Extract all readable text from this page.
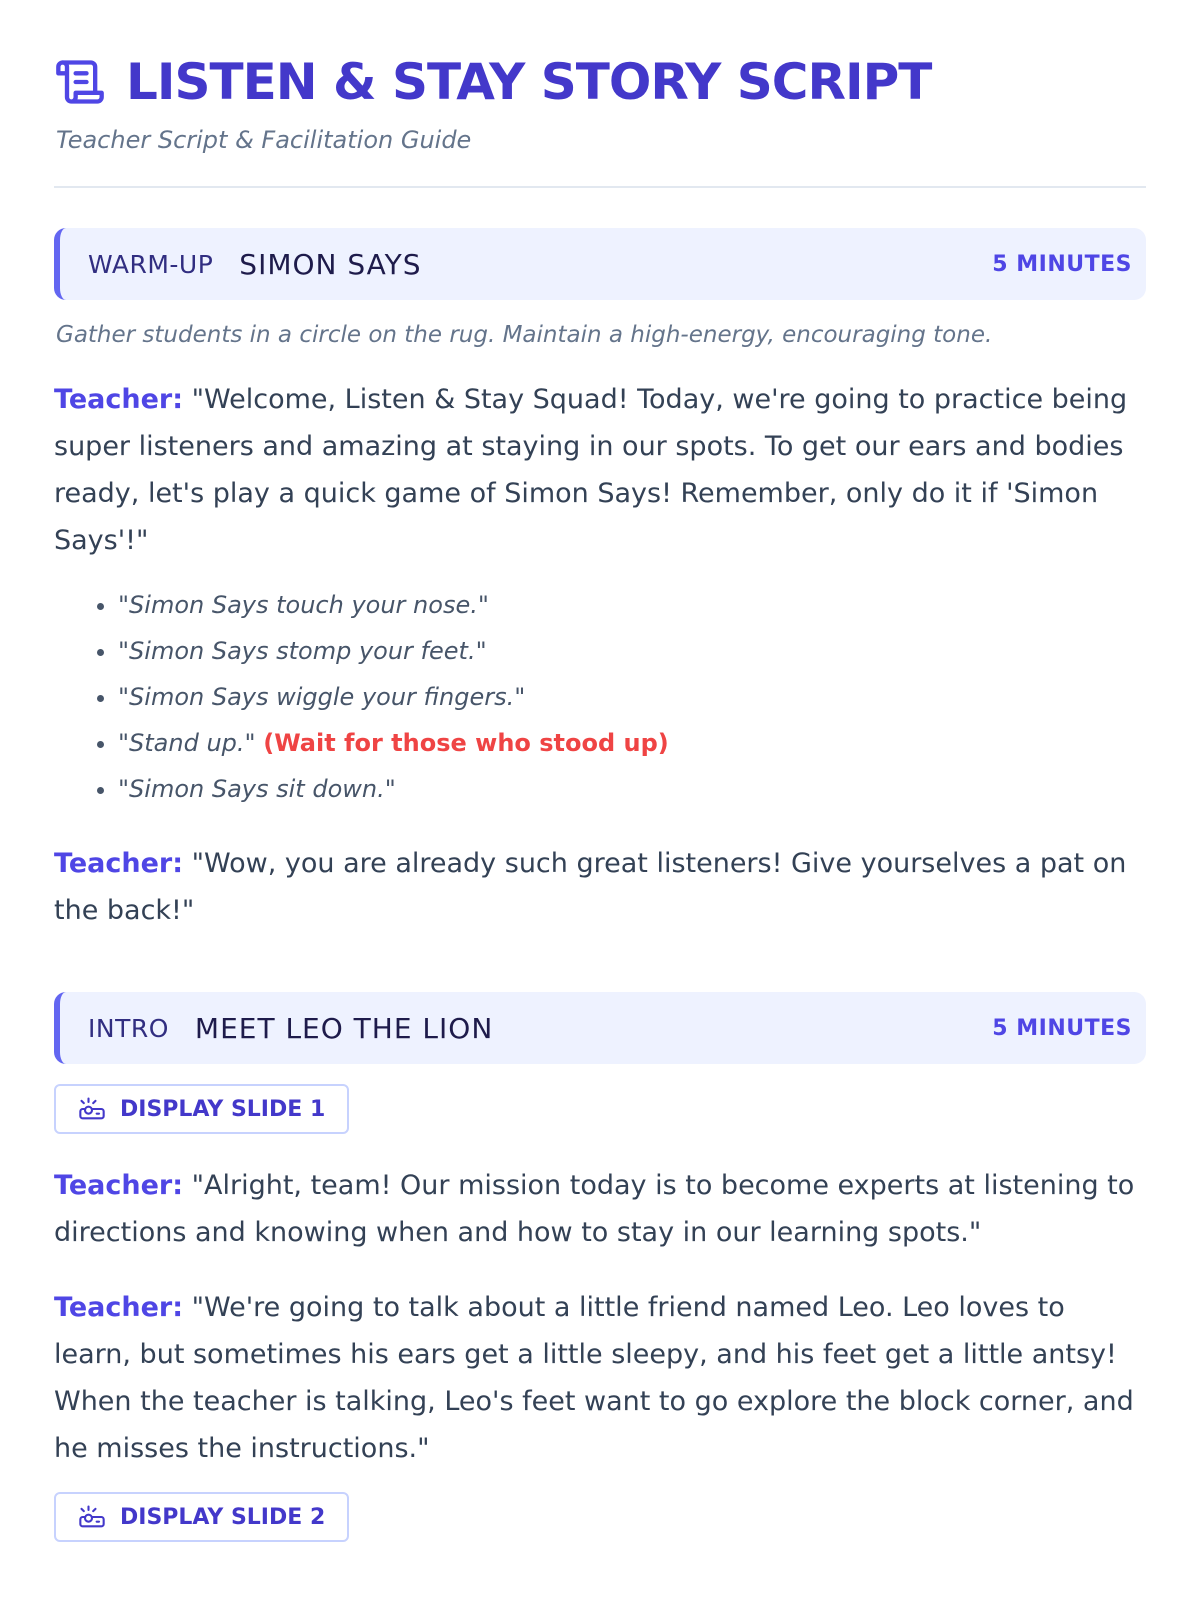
LISTEN & STAY STORY SCRIPT

Teacher Script & Facilitation Guide

WARM-UP SIMON SAYS	5 MINUTES

Gather students in a circle on the rug. Maintain a high-energy, encouraging tone.

Teacher: "Welcome, Listen & Stay Squad! Today, we're going to practice being super listeners and amazing at staying in our spots. To get our ears and bodies ready, let's play a quick game of Simon Says! Remember, only do it if 'Simon Says'!"

• "Simon Says touch your nose."
• "Simon Says stomp your feet."
• "Simon Says wiggle your fingers."
• "Stand up." (Wait for those who stood up)
• "Simon Says sit down."

Teacher: "Wow, you are already such great listeners! Give yourselves a pat on the back!"

INTRO MEET LEO THE LION	5 MINUTES
DISPLAY SLIDE 1

Teacher: "Alright, team! Our mission today is to become experts at listening to directions and knowing when and how to stay in our learning spots."

Teacher: "We're going to talk about a little friend named Leo. Leo loves to learn, but sometimes his ears get a little sleepy, and his feet get a little antsy! When the teacher is talking, Leo's feet want to go explore the block corner, and he misses the instructions."

DISPLAY SLIDE 2
